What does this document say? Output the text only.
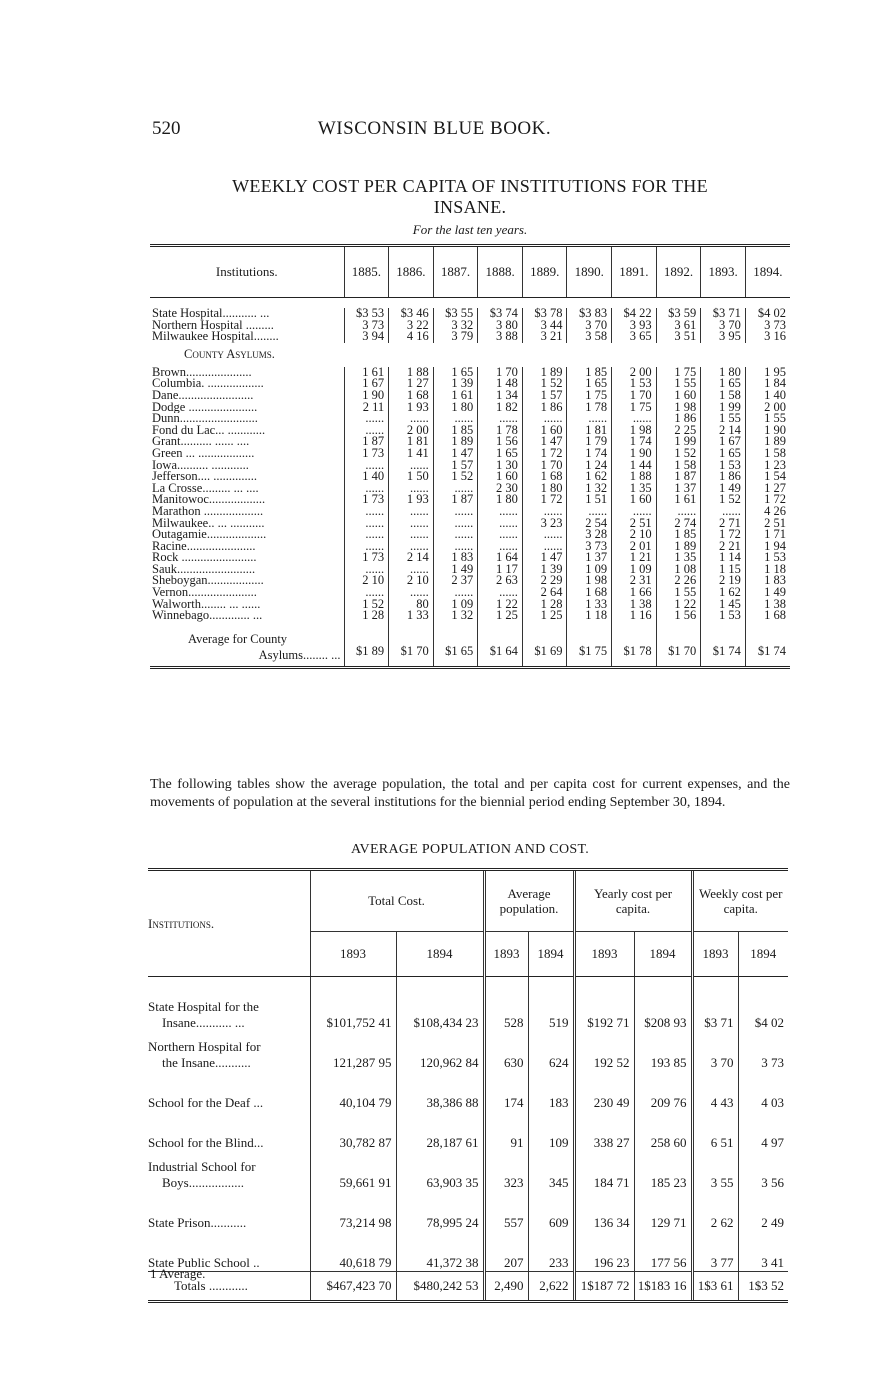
520	WISCONSIN BLUE BOOK.
WEEKLY COST PER CAPITA OF INSTITUTIONS FOR THE
INSANE.
For the last ten years.
Institutions.	1885.	1886.	1887.	1888.	1889.	1890.	1891.	1892.	1893.	1894.

State Hospital........... ...	$3 53	$3 46	$3 55	$3 74	$3 78	$3 83	$4 22	$3 59	$3 71	$4 02
Northern Hospital .........	3 73	3 22	3 32	3 80	3 44	3 70	3 93	3 61	3 70	3 73
Milwaukee Hospital........	3 94	4 16	3 79	3 88	3 21	3 58	3 65	3 51	3 95	3 16
County Asylums.										
Brown.....................	1 61	1 88	1 65	1 70	1 89	1 85	2 00	1 75	1 80	1 95
Columbia. ..................	1 67	1 27	1 39	1 48	1 52	1 65	1 53	1 55	1 65	1 84
Dane........................	1 90	1 68	1 61	1 34	1 57	1 75	1 70	1 60	1 58	1 40
Dodge ......................	2 11	1 93	1 80	1 82	1 86	1 78	1 75	1 98	1 99	2 00
Dunn.........................	......	......	......	......	......	......	......	1 86	1 55	1 55
Fond du Lac... ............	......	2 00	1 85	1 78	1 60	1 81	1 98	2 25	2 14	1 90
Grant.......... ...... ....	1 87	1 81	1 89	1 56	1 47	1 79	1 74	1 99	1 67	1 89
Green ... ..................	1 73	1 41	1 47	1 65	1 72	1 74	1 90	1 52	1 65	1 58
Iowa.......... ............	......	......	1 57	1 30	1 70	1 24	1 44	1 58	1 53	1 23
Jefferson.... ..............	1 40	1 50	1 52	1 60	1 68	1 62	1 88	1 87	1 86	1 54
La Crosse......... ... ....	......	......	......	2 30	1 80	1 32	1 35	1 37	1 49	1 27
Manitowoc..................	1 73	1 93	1 87	1 80	1 72	1 51	1 60	1 61	1 52	1 72
Marathon ...................	......	......	......	......	......	......	......	......	......	4 26
Milwaukee.. ... ...........	......	......	......	......	3 23	2 54	2 51	2 74	2 71	2 51
Outagamie...................	......	......	......	......	......	3 28	2 10	1 85	1 72	1 71
Racine......................	......	......	......	......	......	3 73	2 01	1 89	2 21	1 94
Rock ........................	1 73	2 14	1 83	1 64	1 47	1 37	1 21	1 35	1 14	1 53
Sauk.........................	......	......	1 49	1 17	1 39	1 09	1 09	1 08	1 15	1 18
Sheboygan..................	2 10	2 10	2 37	2 63	2 29	1 98	2 31	2 26	2 19	1 83
Vernon......................	......	......	......	......	2 64	1 68	1 66	1 55	1 62	1 49
Walworth........ ... ......	1 52	80	1 09	1 22	1 28	1 33	1 38	1 22	1 45	1 38
Winnebago............. ...	1 28	1 33	1 32	1 25	1 25	1 18	1 16	1 56	1 53	1 68
Average for County										
Asylums........ ...	$1 89	$1 70	$1 65	$1 64	$1 69	$1 75	$1 78	$1 70	$1 74	$1 74
The following tables show the average population, the total and per capita cost for current expenses, and the movements of population at the several institutions for the biennial period ending September 30, 1894.
AVERAGE POPULATION AND COST.
Institutions.	Total Cost.		Average population.		Yearly cost per capita.		Weekly cost per capita.	
	1893	1894	1893	1894	1893	1894	1893	1894

State Hospital for the
Insane........... ...	$101,752 41	$108,434 23	528	519	$192 71	$208 93	$3 71	$4 02

Northern Hospital for
the Insane...........	121,287 95	120,962 84	630	624	192 52	193 85	3 70	3 73

School for the Deaf ...	40,104 79	38,386 88	174	183	230 49	209 76	4 43	4 03

School for the Blind...	30,782 87	28,187 61	91	109	338 27	258 60	6 51	4 97

Industrial School for
Boys.................	59,661 91	63,903 35	323	345	184 71	185 23	3 55	3 56

State Prison...........	73,214 98	78,995 24	557	609	136 34	129 71	2 62	2 49

State Public School ..	40,618 79	41,372 38	207	233	196 23	177 56	3 77	3 41
Totals ............	$467,423 70	$480,242 53	2,490	2,622	1$187 72	1$183 16	1$3 61	1$3 52
1 Average.
